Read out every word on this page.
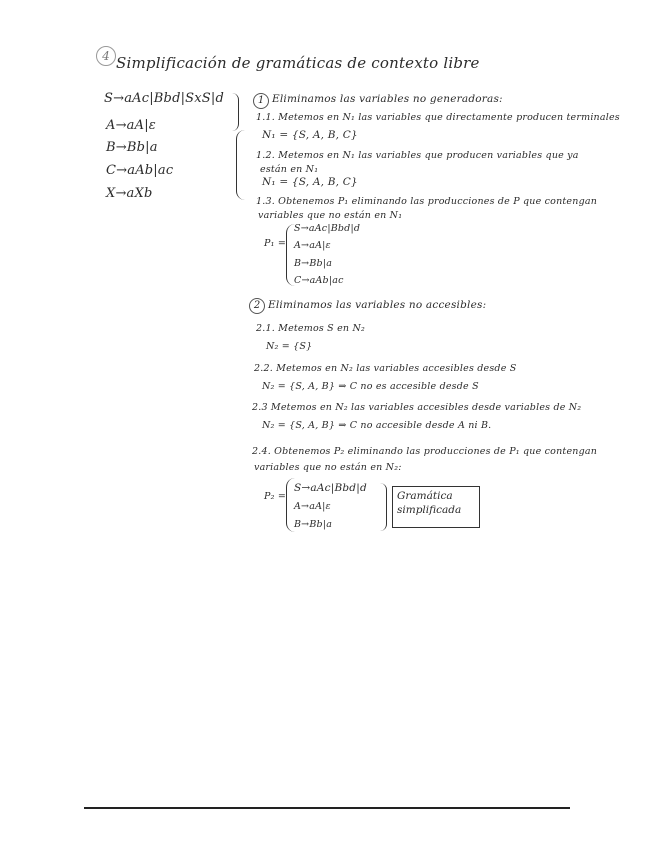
4 Simplificación de gramáticas de contexto libre
S→aAc|Bbd|SxS|d
A→aA|ε
B→Bb|a
C→aAb|ac
X→aXb
1 Eliminamos las variables no generadoras:
1.1. Metemos en N₁ las variables que directamente producen terminales
N₁ = {S, A, B, C}
1.2. Metemos en N₁ las variables que producen variables que ya
están en N₁
N₁ = {S, A, B, C}
1.3. Obtenemos P₁ eliminando las producciones de P que contengan
variables que no están en N₁
P₁ =
S→aAc|Bbd|d
A→aA|ε
B→Bb|a
C→aAb|ac
2 Eliminamos las variables no accesibles:
2.1. Metemos S en N₂
N₂ = {S}
2.2. Metemos en N₂ las variables accesibles desde S
N₂ = {S, A, B} ⇒ C no es accesible desde S
2.3 Metemos en N₂ las variables accesibles desde variables de N₂
N₂ = {S, A, B} ⇒ C no accesible desde A ni B.
2.4. Obtenemos P₂ eliminando las producciones de P₁ que contengan
variables que no están en N₂:
P₂ =
S→aAc|Bbd|d
A→aA|ε
B→Bb|a
Gramática
simplificada
